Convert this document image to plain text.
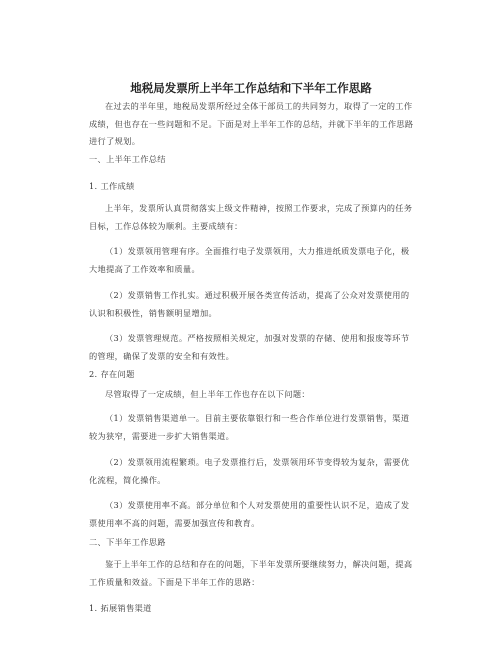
地税局发票所上半年工作总结和下半年工作思路

在过去的半年里，地税局发票所经过全体干部员工的共同努力，取得了一定的工作成绩，但也存在一些问题和不足。下面是对上半年工作的总结，并就下半年的工作思路进行了规划。

一、上半年工作总结

1. 工作成绩

上半年，发票所认真贯彻落实上级文件精神，按照工作要求，完成了预算内的任务目标，工作总体较为顺利。主要成绩有：

（1）发票领用管理有序。全面推行电子发票领用，大力推进纸质发票电子化，极大地提高了工作效率和质量。

（2）发票销售工作扎实。通过积极开展各类宣传活动，提高了公众对发票使用的认识和积极性，销售额明显增加。

（3）发票管理规范。严格按照相关规定，加强对发票的存储、使用和报废等环节的管理，确保了发票的安全和有效性。

2. 存在问题

尽管取得了一定成绩，但上半年工作也存在以下问题：

（1）发票销售渠道单一。目前主要依靠银行和一些合作单位进行发票销售，渠道较为狭窄，需要进一步扩大销售渠道。

（2）发票领用流程繁琐。电子发票推行后，发票领用环节变得较为复杂，需要优化流程，简化操作。

（3）发票使用率不高。部分单位和个人对发票使用的重要性认识不足，造成了发票使用率不高的问题，需要加强宣传和教育。

二、下半年工作思路

鉴于上半年工作的总结和存在的问题，下半年发票所要继续努力，解决问题，提高工作质量和效益。下面是下半年工作的思路：

1. 拓展销售渠道
